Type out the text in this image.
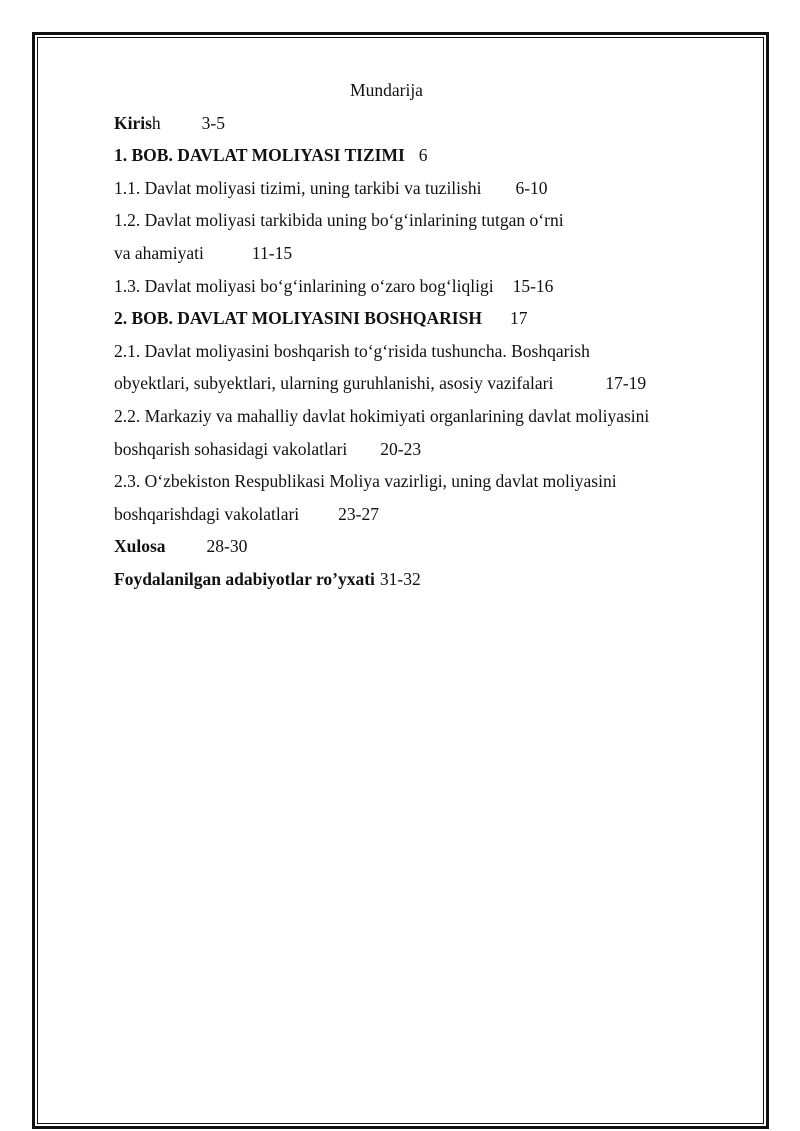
Mundarija
Kirish 3-5
1. BOB. DAVLAT MOLIYASI TIZIMI 6
1.1. Davlat moliyasi tizimi, uning tarkibi va tuzilishi 6-10
1.2. Davlat moliyasi tarkibida uning bo‘g‘inlarining tutgan o‘rni
va ahamiyati	11-15
1.3. Davlat moliyasi bo‘g‘inlarining o‘zaro bog‘liqligi 15-16
2. BOB. DAVLAT MOLIYASINI BOSHQARISH 17
2.1. Davlat moliyasini boshqarish to‘g‘risida tushuncha. Boshqarish
obyektlari, subyektlari, ularning guruhlanishi, asosiy vazifalari	17-19
2.2. Markaziy va mahalliy davlat hokimiyati organlarining davlat moliyasini
boshqarish sohasidagi vakolatlari 20-23
2.3. O‘zbekiston Respublikasi Moliya vazirligi, uning davlat moliyasini
boshqarishdagi vakolatlari 23-27
Xulosa 28-30
Foydalanilgan adabiyotlar ro’yxati 31-32
